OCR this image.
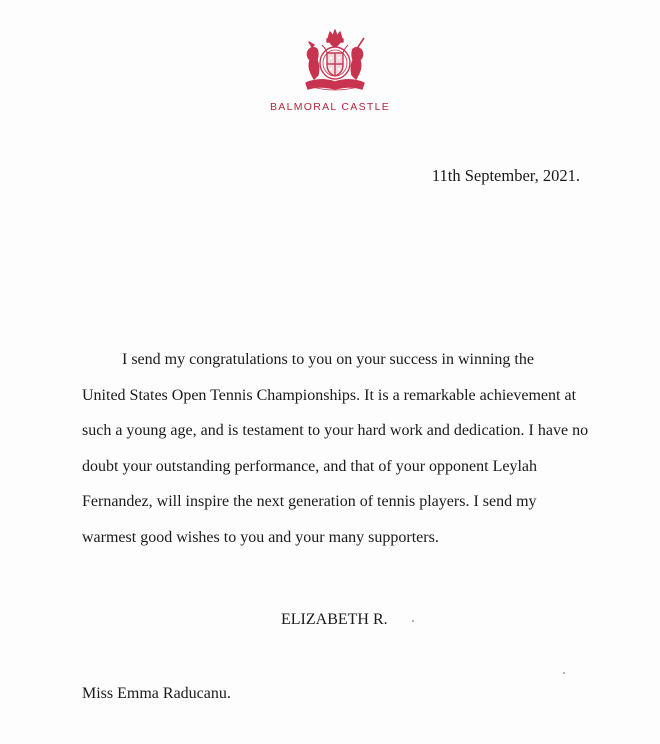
BALMORAL CASTLE
11th September, 2021.

I send my congratulations to you on your success in winning the
United States Open Tennis Championships. It is a remarkable achievement at
such a young age, and is testament to your hard work and dedication. I have no
doubt your outstanding performance, and that of your opponent Leylah
Fernandez, will inspire the next generation of tennis players. I send my
warmest good wishes to you and your many supporters.

ELIZABETH R.
Miss Emma Raducanu.
